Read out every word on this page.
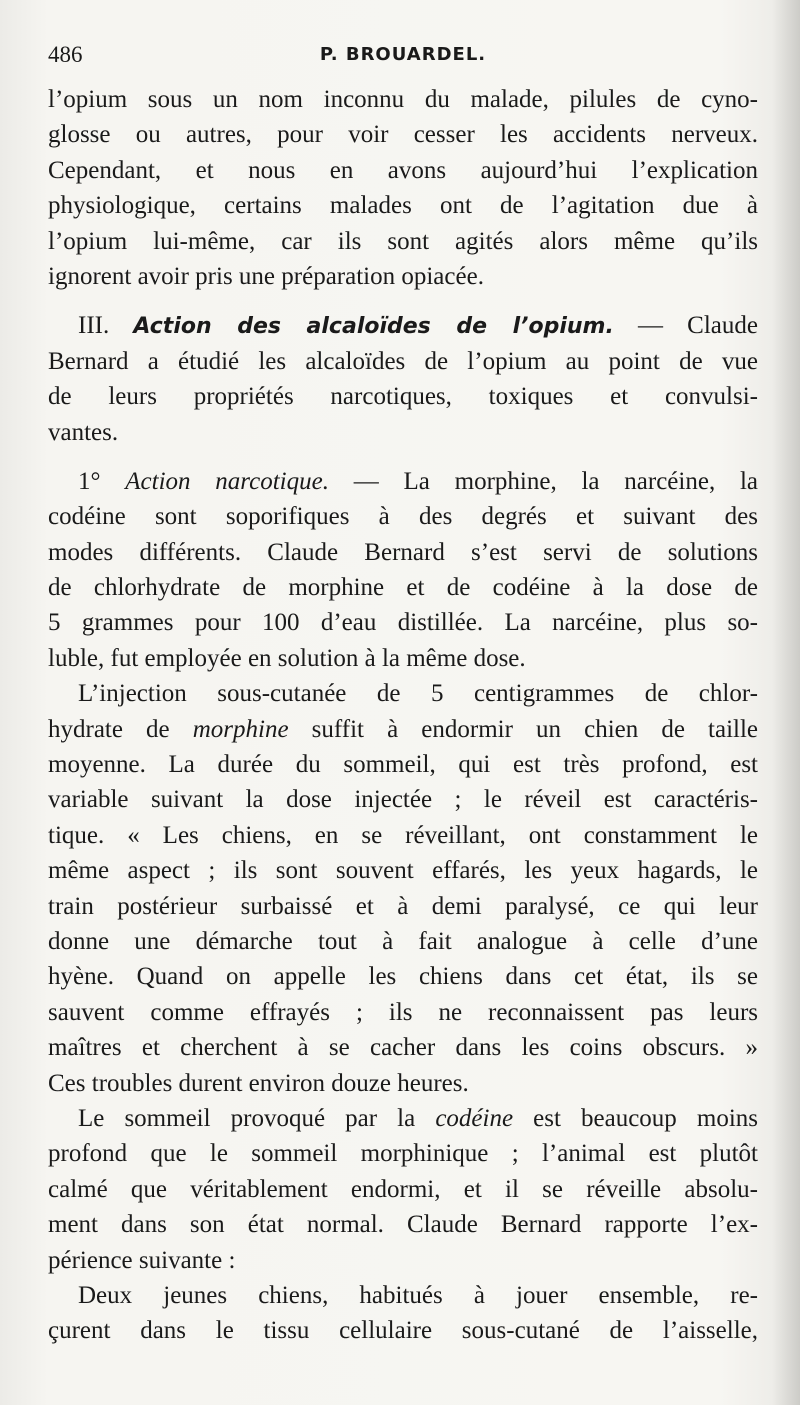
486	P. BROUARDEL.
l’opium sous un nom inconnu du malade, pilules de cyno-
glosse ou autres, pour voir cesser les accidents nerveux.
Cependant, et nous en avons aujourd’hui l’explication
physiologique, certains malades ont de l’agitation due à
l’opium lui-même, car ils sont agités alors même qu’ils
ignorent avoir pris une préparation opiacée.
III. Action des alcaloïdes de l’opium. — Claude
Bernard a étudié les alcaloïdes de l’opium au point de vue
de leurs propriétés narcotiques, toxiques et convulsi-
vantes.
1° Action narcotique. — La morphine, la narcéine, la
codéine sont soporifiques à des degrés et suivant des
modes différents. Claude Bernard s’est servi de solutions
de chlorhydrate de morphine et de codéine à la dose de
5 grammes pour 100 d’eau distillée. La narcéine, plus so-
luble, fut employée en solution à la même dose.
L’injection sous-cutanée de 5 centigrammes de chlor-
hydrate de morphine suffit à endormir un chien de taille
moyenne. La durée du sommeil, qui est très profond, est
variable suivant la dose injectée ; le réveil est caractéris-
tique. « Les chiens, en se réveillant, ont constamment le
même aspect ; ils sont souvent effarés, les yeux hagards, le
train postérieur surbaissé et à demi paralysé, ce qui leur
donne une démarche tout à fait analogue à celle d’une
hyène. Quand on appelle les chiens dans cet état, ils se
sauvent comme effrayés ; ils ne reconnaissent pas leurs
maîtres et cherchent à se cacher dans les coins obscurs. »
Ces troubles durent environ douze heures.
Le sommeil provoqué par la codéine est beaucoup moins
profond que le sommeil morphinique ; l’animal est plutôt
calmé que véritablement endormi, et il se réveille absolu-
ment dans son état normal. Claude Bernard rapporte l’ex-
périence suivante :
Deux jeunes chiens, habitués à jouer ensemble, re-
çurent dans le tissu cellulaire sous-cutané de l’aisselle,
